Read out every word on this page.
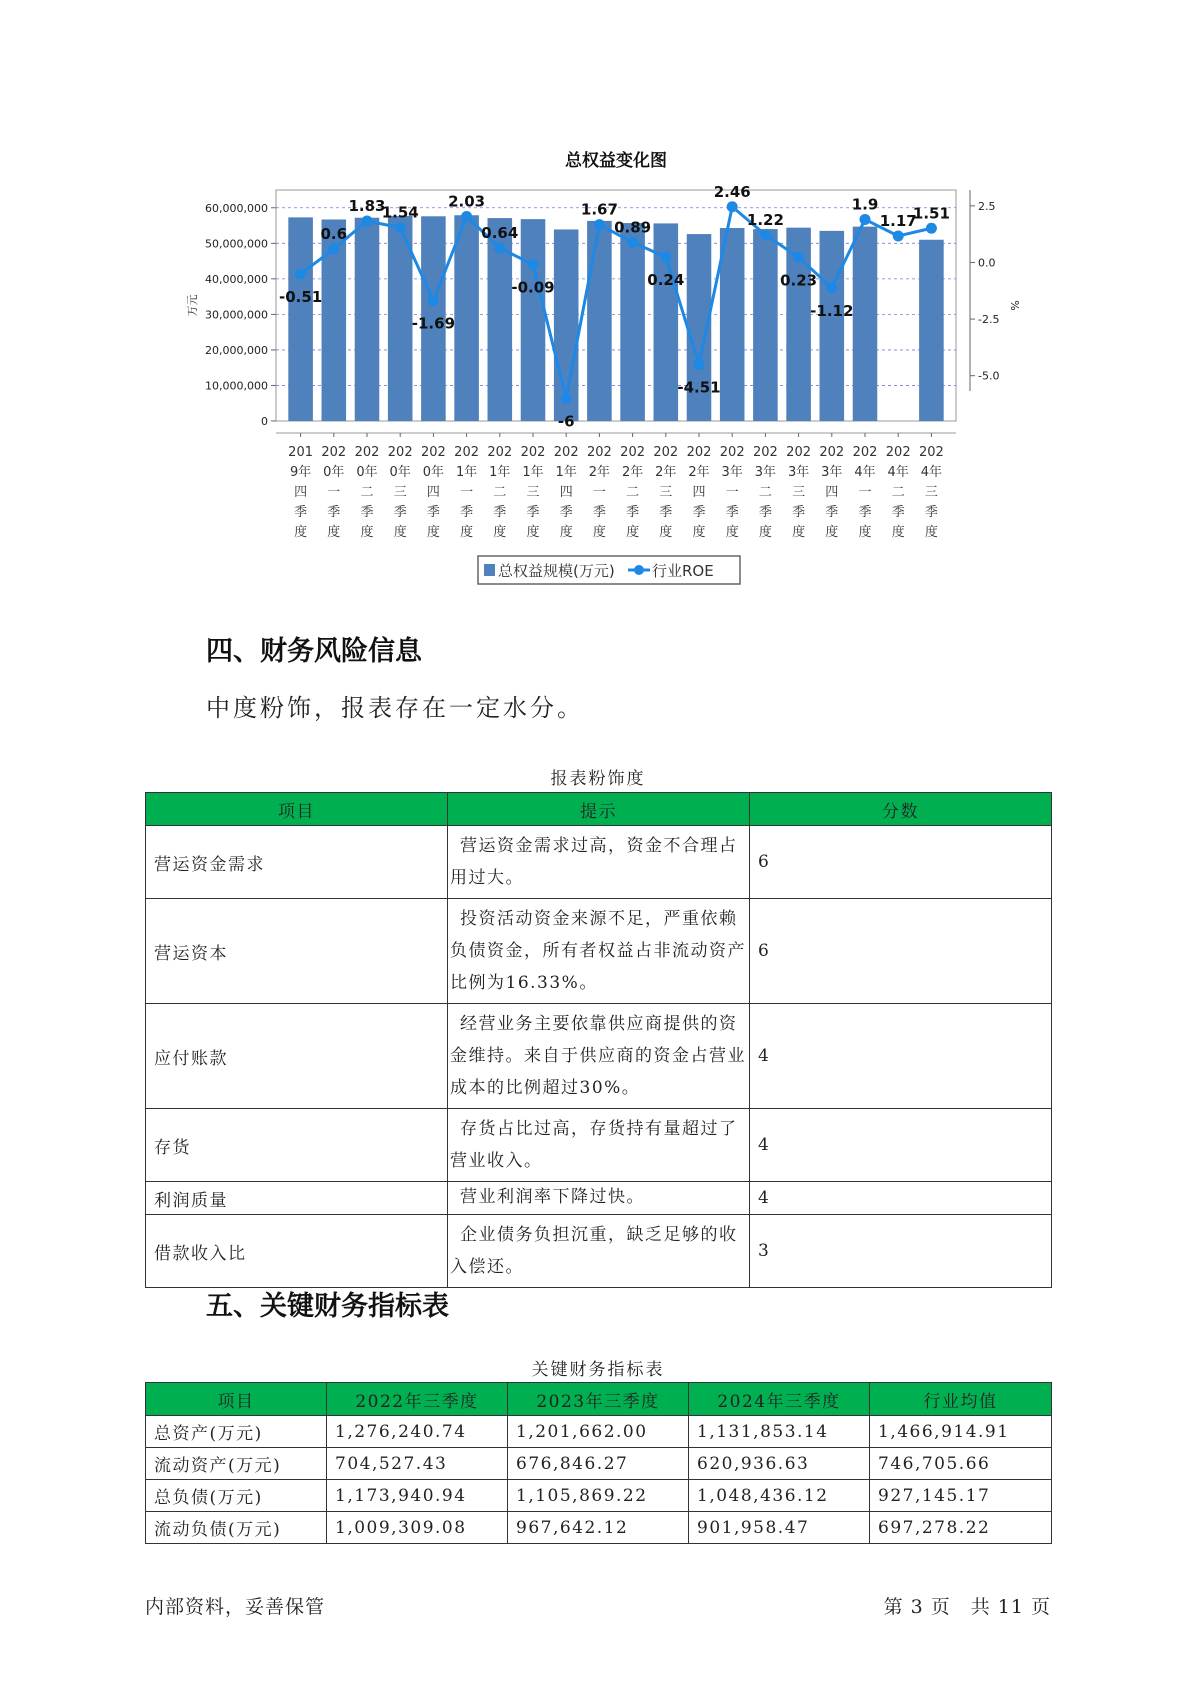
总权益变化图
0
10,000,000
20,000,000
30,000,000
40,000,000
50,000,000
60,000,000
万元
2.5
0.0
-2.5
-5.0
%
201 9年四季度
202 0年一季度
202 0年二季度
202 0年三季度
202 0年四季度
202 1年一季度
202 1年二季度
202 1年三季度
202 1年四季度
202 2年一季度
202 2年二季度
202 2年三季度
202 2年四季度
202 3年一季度
202 3年二季度
202 3年三季度
202 3年四季度
202 4年一季度
202 4年二季度
202 4年三季度
-0.51
0.6
1.83
1.54
-1.69
2.03
0.64
-0.09
-6
1.67
0.89
0.24
-4.51
2.46
1.22
0.23
-1.12
1.9
1.17
1.51
总权益规模(万元) 行业ROE
四、财务风险信息

中度粉饰，报表存在一定水分。

报表粉饰度
项目	提示	分数
营运资金需求	营运资金需求过高，资金不合理占用过大。	6
营运资本	投资活动资金来源不足，严重依赖负债资金，所有者权益占非流动资产比例为16.33%。	6
应付账款	经营业务主要依靠供应商提供的资金维持。来自于供应商的资金占营业成本的比例超过30%。	4
存货	存货占比过高，存货持有量超过了营业收入。	4
利润质量	营业利润率下降过快。	4
借款收入比	企业债务负担沉重，缺乏足够的收入偿还。	3
五、关键财务指标表
关键财务指标表
项目	2022年三季度	2023年三季度	2024年三季度	行业均值
总资产(万元)	1,276,240.74	1,201,662.00	1,131,853.14	1,466,914.91
流动资产(万元)	704,527.43	676,846.27	620,936.63	746,705.66
总负债(万元)	1,173,940.94	1,105,869.22	1,048,436.12	927,145.17
流动负债(万元)	1,009,309.08	967,642.12	901,958.47	697,278.22
内部资料，妥善保管	第 3 页　共 11 页
